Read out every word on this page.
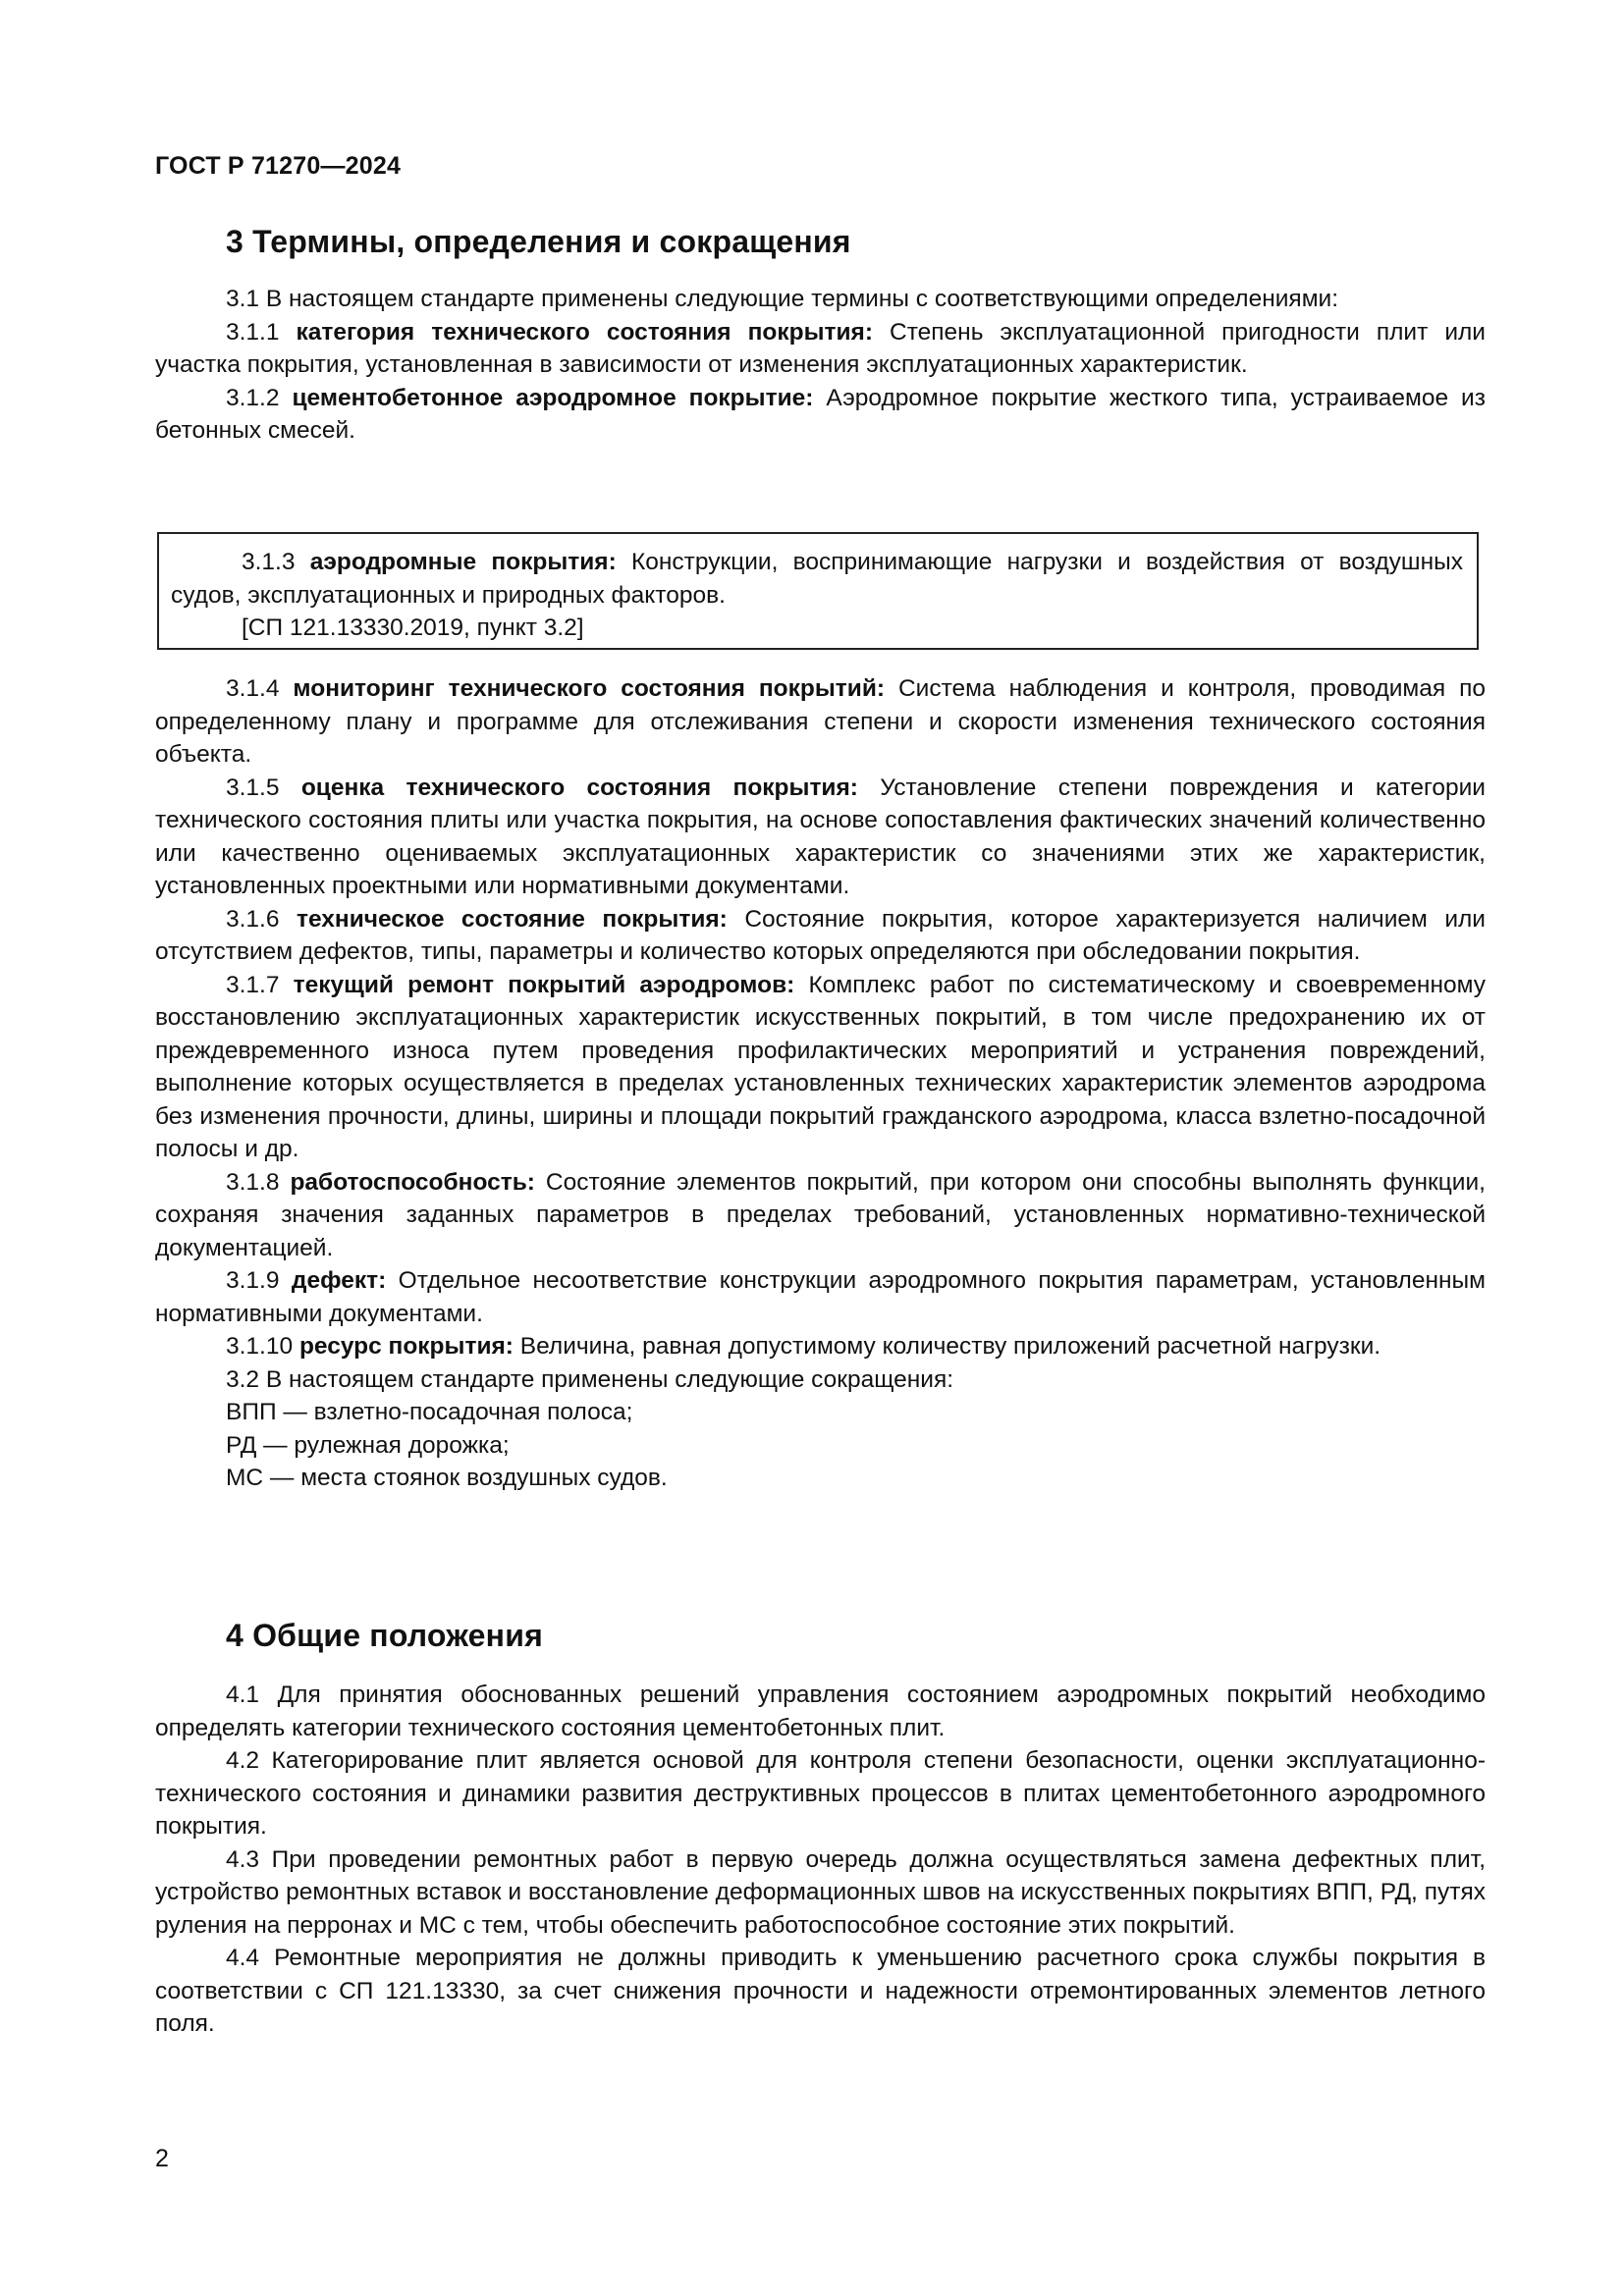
ГОСТ Р 71270—2024
3 Термины, определения и сокращения

3.1 В настоящем стандарте применены следующие термины с соответствующими определениями:

3.1.1 категория технического состояния покрытия: Степень эксплуатационной пригодности плит или участка покрытия, установленная в зависимости от изменения эксплуатационных характеристик.

3.1.2 цементобетонное аэродромное покрытие: Аэродромное покрытие жесткого типа, устраиваемое из бетонных смесей.

3.1.3 аэродромные покрытия: Конструкции, воспринимающие нагрузки и воздействия от воздушных судов, эксплуатационных и природных факторов.

[СП 121.13330.2019, пункт 3.2]

3.1.4 мониторинг технического состояния покрытий: Система наблюдения и контроля, проводимая по определенному плану и программе для отслеживания степени и скорости изменения технического состояния объекта.

3.1.5 оценка технического состояния покрытия: Установление степени повреждения и категории технического состояния плиты или участка покрытия, на основе сопоставления фактических значений количественно или качественно оцениваемых эксплуатационных характеристик со значениями этих же характеристик, установленных проектными или нормативными документами.

3.1.6 техническое состояние покрытия: Состояние покрытия, которое характеризуется наличием или отсутствием дефектов, типы, параметры и количество которых определяются при обследовании покрытия.

3.1.7 текущий ремонт покрытий аэродромов: Комплекс работ по систематическому и своевременному восстановлению эксплуатационных характеристик искусственных покрытий, в том числе предохранению их от преждевременного износа путем проведения профилактических мероприятий и устранения повреждений, выполнение которых осуществляется в пределах установленных технических характеристик элементов аэродрома без изменения прочности, длины, ширины и площади покрытий гражданского аэродрома, класса взлетно-посадочной полосы и др.

3.1.8 работоспособность: Состояние элементов покрытий, при котором они способны выполнять функции, сохраняя значения заданных параметров в пределах требований, установленных нормативно-технической документацией.

3.1.9 дефект: Отдельное несоответствие конструкции аэродромного покрытия параметрам, установленным нормативными документами.

3.1.10 ресурс покрытия: Величина, равная допустимому количеству приложений расчетной нагрузки.

3.2 В настоящем стандарте применены следующие сокращения:

ВПП — взлетно-посадочная полоса;

РД — рулежная дорожка;

МС — места стоянок воздушных судов.

4 Общие положения

4.1 Для принятия обоснованных решений управления состоянием аэродромных покрытий необходимо определять категории технического состояния цементобетонных плит.

4.2 Категорирование плит является основой для контроля степени безопасности, оценки эксплуатационно-технического состояния и динамики развития деструктивных процессов в плитах цементобетонного аэродромного покрытия.

4.3 При проведении ремонтных работ в первую очередь должна осуществляться замена дефектных плит, устройство ремонтных вставок и восстановление деформационных швов на искусственных покрытиях ВПП, РД, путях руления на перронах и МС с тем, чтобы обеспечить работоспособное состояние этих покрытий.

4.4 Ремонтные мероприятия не должны приводить к уменьшению расчетного срока службы покрытия в соответствии с СП 121.13330, за счет снижения прочности и надежности отремонтированных элементов летного поля.

2
